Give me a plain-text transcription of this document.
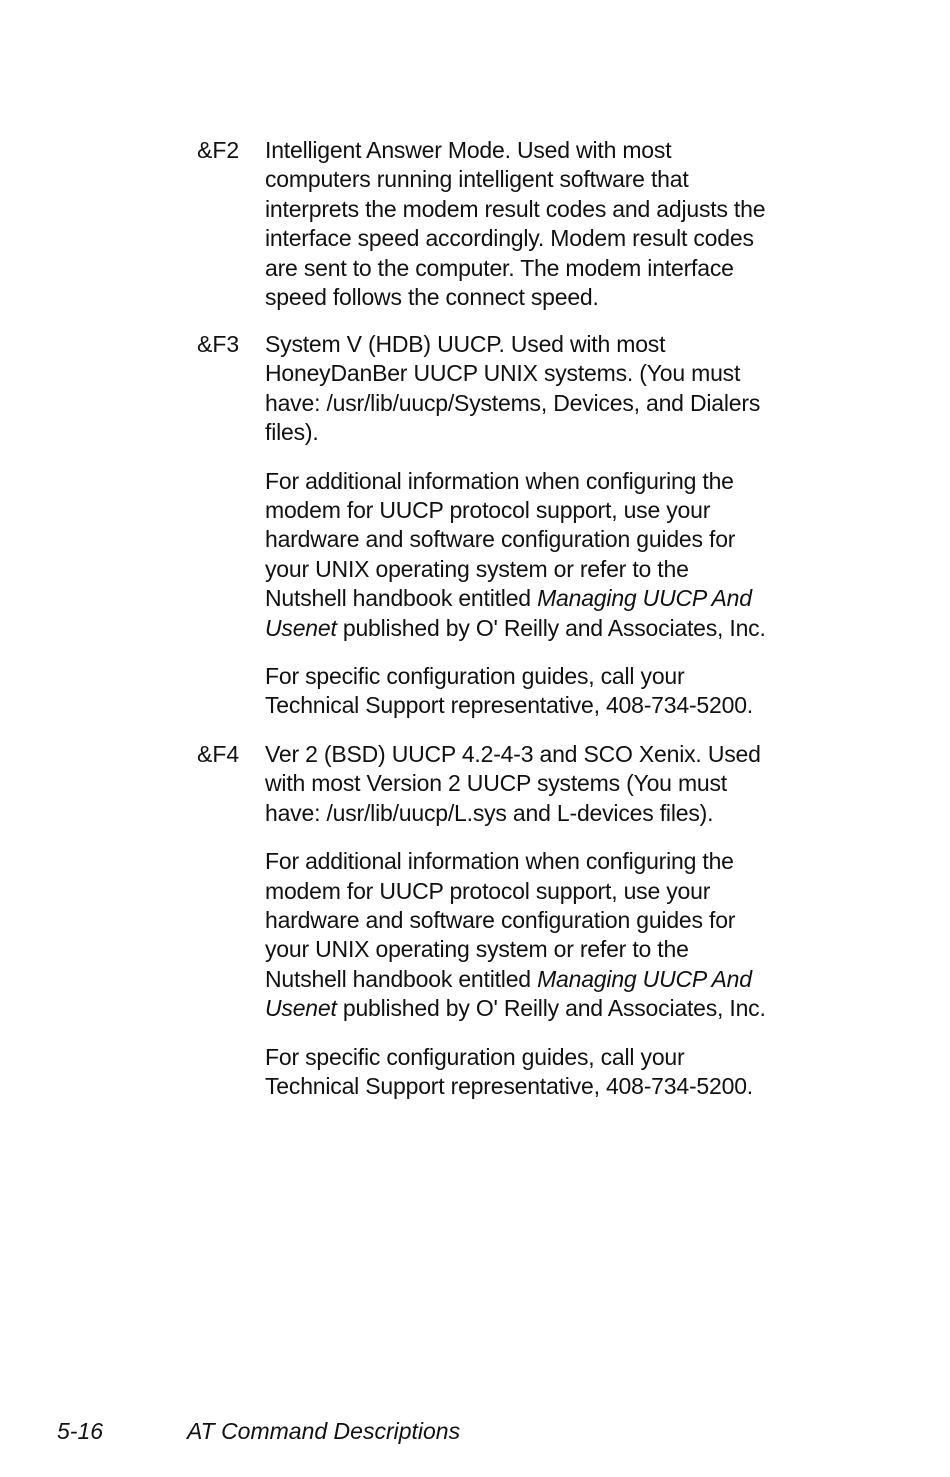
&F2 Intelligent Answer Mode. Used with most
computers running intelligent software that
interprets the modem result codes and adjusts the
interface speed accordingly. Modem result codes
are sent to the computer. The modem interface
speed follows the connect speed.

&F3 System V (HDB) UUCP. Used with most
HoneyDanBer UUCP UNIX systems. (You must
have: /usr/lib/uucp/Systems, Devices, and Dialers
files).

For additional information when configuring the
modem for UUCP protocol support, use your
hardware and software configuration guides for
your UNIX operating system or refer to the
Nutshell handbook entitled Managing UUCP And
Usenet published by O' Reilly and Associates, Inc.

For specific configuration guides, call your
Technical Support representative, 408-734-5200.

&F4 Ver 2 (BSD) UUCP 4.2-4-3 and SCO Xenix. Used
with most Version 2 UUCP systems (You must
have: /usr/lib/uucp/L.sys and L-devices files).

For additional information when configuring the
modem for UUCP protocol support, use your
hardware and software configuration guides for
your UNIX operating system or refer to the
Nutshell handbook entitled Managing UUCP And
Usenet published by O' Reilly and Associates, Inc.

For specific configuration guides, call your
Technical Support representative, 408-734-5200.

5-16	AT Command Descriptions
